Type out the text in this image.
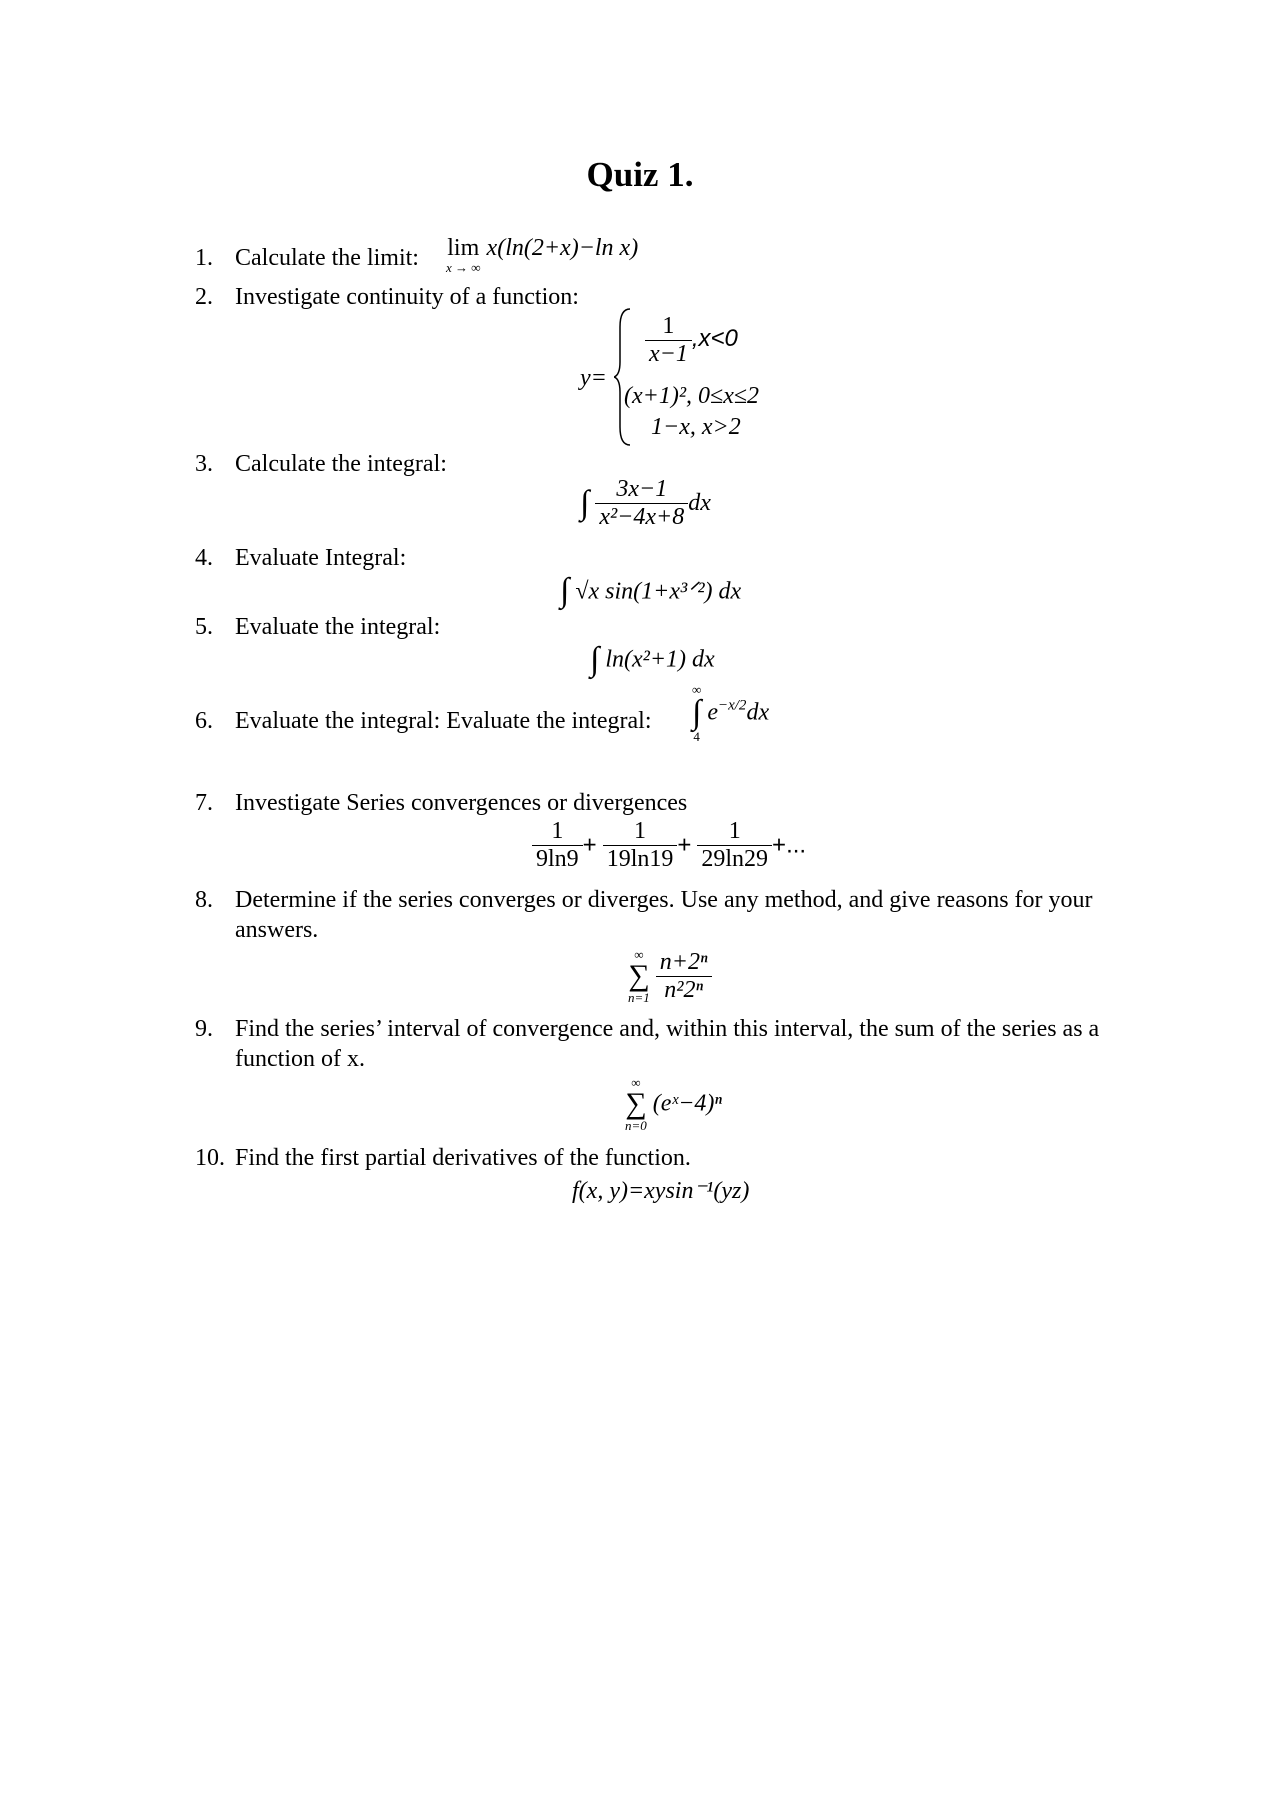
Quiz 1.
1. Calculate the limit: lim
x → ∞
x(ln(2+x)−ln x)
2. Investigate continuity of a function:
y=
$\frac{1}{x-1} ,x<0$
(x+1)², 0≤x≤2
1−x, x>2
3. Calculate the integral:
∫ $\frac{3x-1}{\text{x²−4x+8}}$ dx
4. Evaluate Integral:
∫ √x sin(1+x³ᐟ²) dx
5. Evaluate the integral:
∫ ln(x²+1) dx
6. Evaluate the integral: Evaluate the integral:
∞
∫
4
$e^{-x/2}dx$
7. Investigate Series convergences or divergences
$\frac{1}{9\ln 9} + \frac{1}{19\ln 19} + \frac{1}{29\ln 29}$ +...
8. Determine if the series converges or diverges. Use any method, and give reasons for your answers.
∞
∑
n=1
$\frac{\text{n+2ⁿ}}{\text{n²2ⁿ}}$
9. Find the series’ interval of convergence and, within this interval, the sum of the series as a function of x.
∞
∑
n=0
(eˣ−4)ⁿ
10. Find the first partial derivatives of the function.
f(x, y)=xysin⁻¹(yz)
